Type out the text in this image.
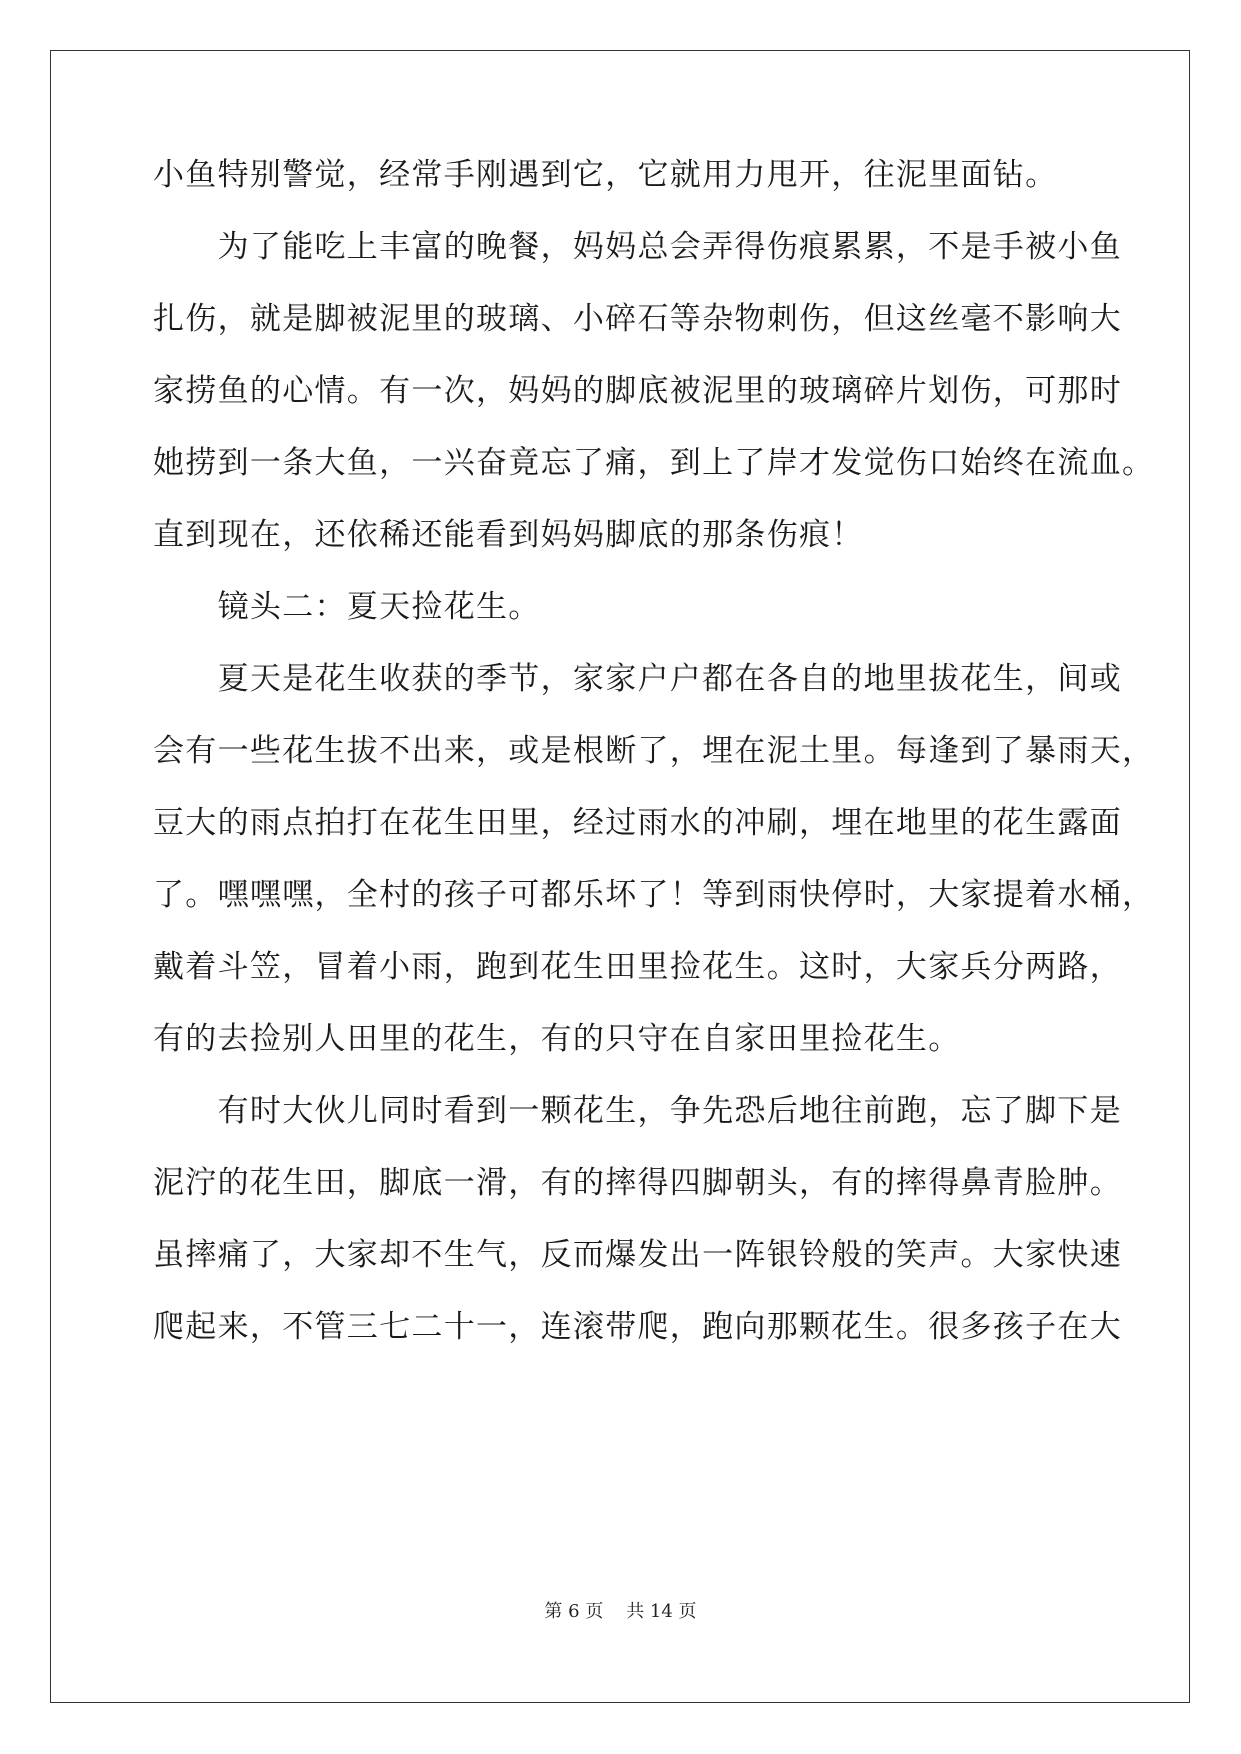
小鱼特别警觉，经常手刚遇到它，它就用力甩开，往泥里面钻。
　　为了能吃上丰富的晚餐，妈妈总会弄得伤痕累累，不是手被小鱼
扎伤，就是脚被泥里的玻璃、小碎石等杂物刺伤，但这丝毫不影响大
家捞鱼的心情。有一次，妈妈的脚底被泥里的玻璃碎片划伤，可那时
她捞到一条大鱼，一兴奋竟忘了痛，到上了岸才发觉伤口始终在流血。
直到现在，还依稀还能看到妈妈脚底的那条伤痕！
　　镜头二：夏天捡花生。
　　夏天是花生收获的季节，家家户户都在各自的地里拔花生，间或
会有一些花生拔不出来，或是根断了，埋在泥土里。每逢到了暴雨天，
豆大的雨点拍打在花生田里，经过雨水的冲刷，埋在地里的花生露面
了。嘿嘿嘿，全村的孩子可都乐坏了！等到雨快停时，大家提着水桶，
戴着斗笠，冒着小雨，跑到花生田里捡花生。这时，大家兵分两路，
有的去捡别人田里的花生，有的只守在自家田里捡花生。
　　有时大伙儿同时看到一颗花生，争先恐后地往前跑，忘了脚下是
泥泞的花生田，脚底一滑，有的摔得四脚朝头，有的摔得鼻青脸肿。
虽摔痛了，大家却不生气，反而爆发出一阵银铃般的笑声。大家快速
爬起来，不管三七二十一，连滚带爬，跑向那颗花生。很多孩子在大
第 6 页    共 14 页
